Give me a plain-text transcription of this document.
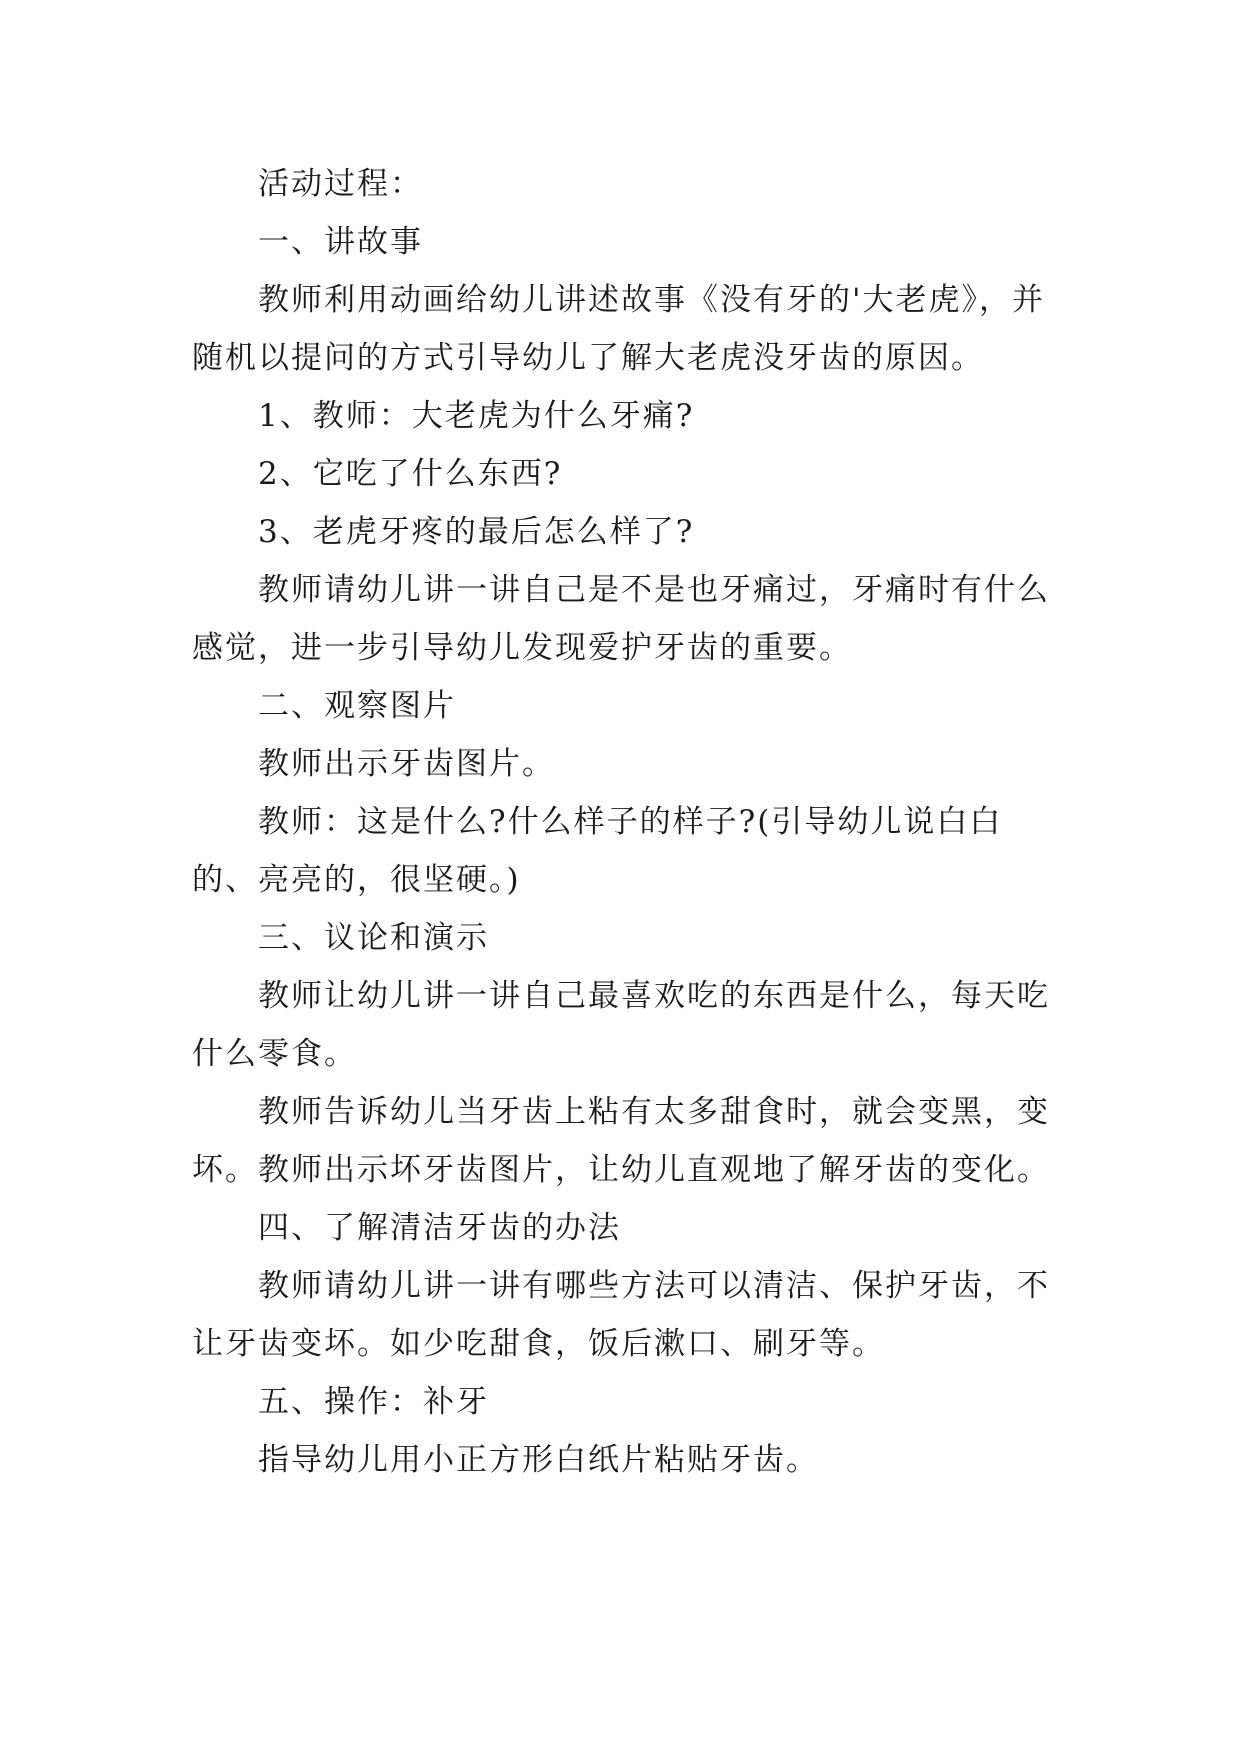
活动过程：

一、讲故事

教师利用动画给幼儿讲述故事《没有牙的'大老虎》，并随机以提问的方式引导幼儿了解大老虎没牙齿的原因。

1、教师：大老虎为什么牙痛?

2、它吃了什么东西?

3、老虎牙疼的最后怎么样了?

教师请幼儿讲一讲自己是不是也牙痛过，牙痛时有什么感觉，进一步引导幼儿发现爱护牙齿的重要。

二、观察图片

教师出示牙齿图片。

教师：这是什么?什么样子的样子?(引导幼儿说白白的、亮亮的，很坚硬。)

三、议论和演示

教师让幼儿讲一讲自己最喜欢吃的东西是什么，每天吃什么零食。

教师告诉幼儿当牙齿上粘有太多甜食时，就会变黑，变坏。教师出示坏牙齿图片，让幼儿直观地了解牙齿的变化。

四、了解清洁牙齿的办法

教师请幼儿讲一讲有哪些方法可以清洁、保护牙齿，不让牙齿变坏。如少吃甜食，饭后漱口、刷牙等。

五、操作：补牙

指导幼儿用小正方形白纸片粘贴牙齿。
